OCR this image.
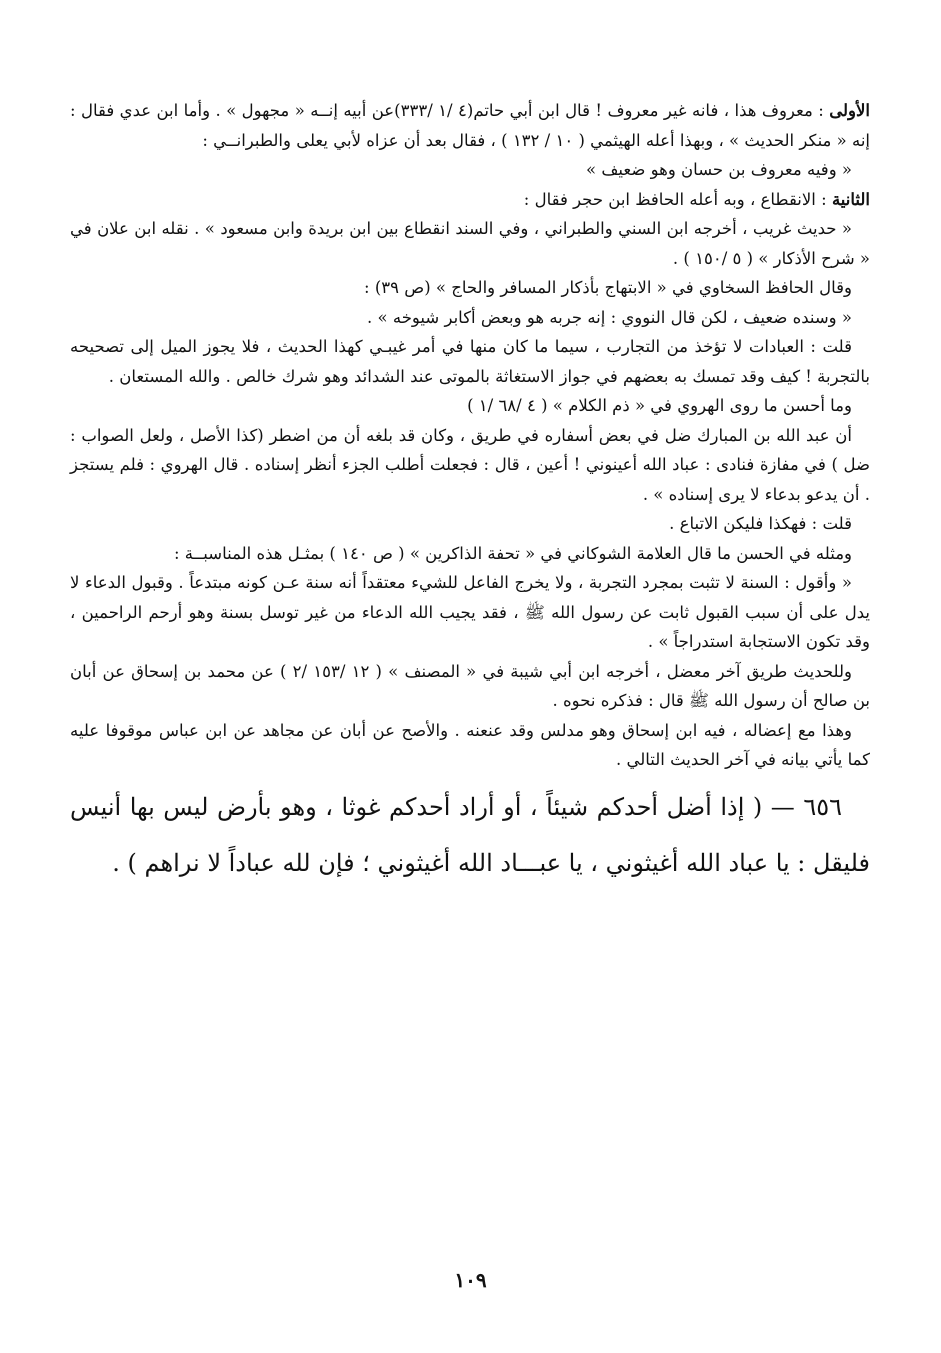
الأولى : معروف هذا ، فانه غير معروف ! قال ابن أبي حاتم(٤ /١ /٣٣٣)عن أبيه إنــه « مجهول » . وأما ابن عدي فقال : إنه « منكر الحديث » ، وبهذا أعله الهيثمي ( ١٠ / ١٣٢ ) ، فقال بعد أن عزاه لأبي يعلى والطبرانــي :

« وفيه معروف بن حسان وهو ضعيف »

الثانية : الانقطاع ، وبه أعله الحافظ ابن حجر فقال :

« حديث غريب ، أخرجه ابن السني والطبراني ، وفي السند انقطاع بين ابن بريدة وابن مسعود » . نقله ابن علان في « شرح الأذكار » ( ٥ /١٥٠ ) .

وقال الحافظ السخاوي في « الابتهاج بأذكار المسافر والحاج » (ص ٣٩) :

« وسنده ضعيف ، لكن قال النووي : إنه جربه هو وبعض أكابر شيوخه » .

قلت : العبادات لا تؤخذ من التجارب ، سيما ما كان منها في أمر غيبـي كهذا الحديث ، فلا يجوز الميل إلى تصحيحه بالتجربة ! كيف وقد تمسك به بعضهم في جواز الاستغاثة بالموتى عند الشدائد وهو شرك خالص . والله المستعان .

وما أحسن ما روى الهروي في « ذم الكلام » ( ٤ /٦٨ /١ )

أن عبد الله بن المبارك ضل في بعض أسفاره في طريق ، وكان قد بلغه أن من اضطر (كذا الأصل ، ولعل الصواب : ضل ) في مفازة فنادى : عباد الله أعينوني ! أعين ، قال : فجعلت أطلب الجزء أنظر إسناده . قال الهروي : فلم يستجز . أن يدعو بدعاء لا يرى إسناده » .

قلت : فهكذا فليكن الاتباع .

ومثله في الحسن ما قال العلامة الشوكاني في « تحفة الذاكرين » ( ص ١٤٠ ) بمثـل هذه المناسبــة :

« وأقول : السنة لا تثبت بمجرد التجربة ، ولا يخرج الفاعل للشيء معتقداً أنه سنة عـن كونه مبتدعاً . وقبول الدعاء لا يدل على أن سبب القبول ثابت عن رسول الله ﷺ ، فقد يجيب الله الدعاء من غير توسل بسنة وهو أرحم الراحمين ، وقد تكون الاستجابة استدراجاً » .

وللحديث طريق آخر معضل ، أخرجه ابن أبي شيبة في « المصنف » ( ١٢ /١٥٣ /٢ ) عن محمد بن إسحاق عن أبان بن صالح أن رسول الله ﷺ قال : فذكره نحوه .

وهذا مع إعضاله ، فيه ابن إسحاق وهو مدلس وقد عنعنه . والأصح عن أبان عن مجاهد عن ابن عباس موقوفا عليه كما يأتي بيانه في آخر الحديث التالي .

٦٥٦ — ( إذا أضل أحدكم شيئاً ، أو أراد أحدكم غوثا ، وهو بأرض ليس بها أنيس فليقل : يا عباد الله أغيثوني ، يا عبـــاد الله أغيثوني ؛ فإن لله عباداً لا نراهم ) .

١٠٩
